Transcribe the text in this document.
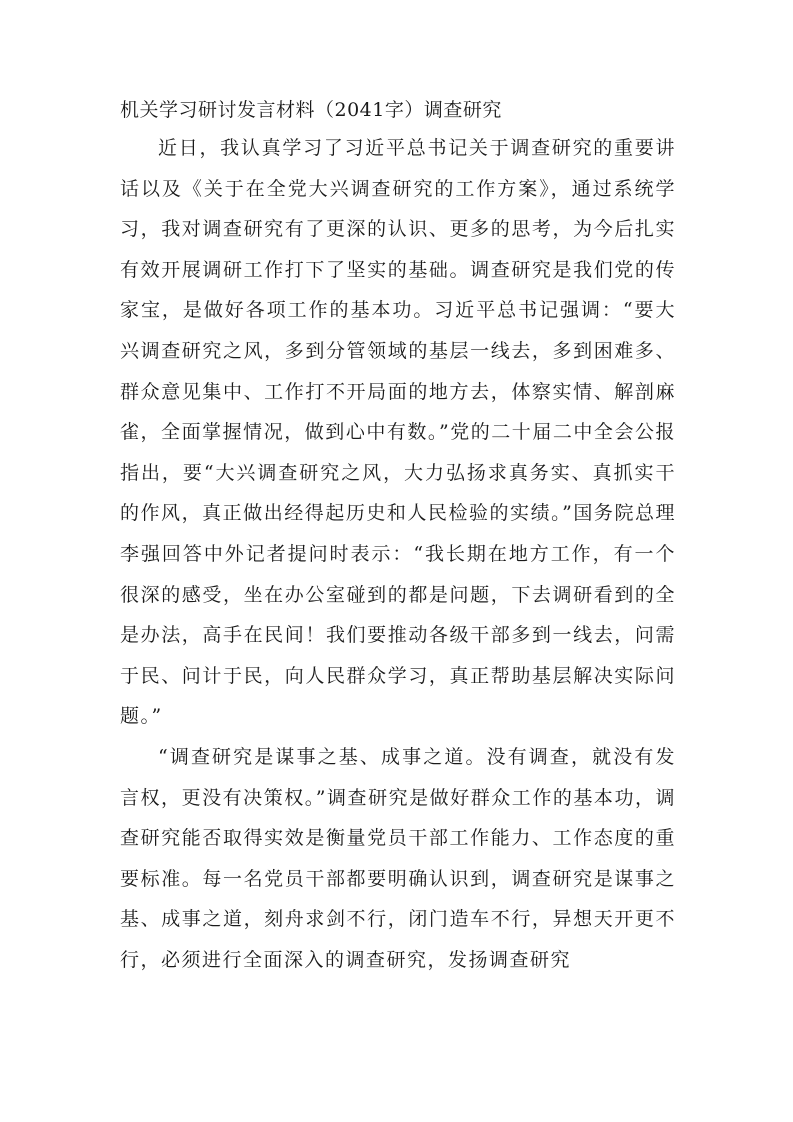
机关学习研讨发言材料（2041字）调查研究

近日，我认真学习了习近平总书记关于调查研究的重要讲话以及《关于在全党大兴调查研究的工作方案》，通过系统学习，我对调查研究有了更深的认识、更多的思考，为今后扎实有效开展调研工作打下了坚实的基础。调查研究是我们党的传家宝，是做好各项工作的基本功。习近平总书记强调：“要大兴调查研究之风，多到分管领域的基层一线去，多到困难多、群众意见集中、工作打不开局面的地方去，体察实情、解剖麻雀，全面掌握情况，做到心中有数。”党的二十届二中全会公报指出，要“大兴调查研究之风，大力弘扬求真务实、真抓实干的作风，真正做出经得起历史和人民检验的实绩。”国务院总理李强回答中外记者提问时表示：“我长期在地方工作，有一个很深的感受，坐在办公室碰到的都是问题，下去调研看到的全是办法，高手在民间！我们要推动各级干部多到一线去，问需于民、问计于民，向人民群众学习，真正帮助基层解决实际问题。”

“调查研究是谋事之基、成事之道。没有调查，就没有发言权，更没有决策权。”调查研究是做好群众工作的基本功，调查研究能否取得实效是衡量党员干部工作能力、工作态度的重要标准。每一名党员干部都要明确认识到，调查研究是谋事之基、成事之道，刻舟求剑不行，闭门造车不行，异想天开更不行，必须进行全面深入的调查研究，发扬调查研究
